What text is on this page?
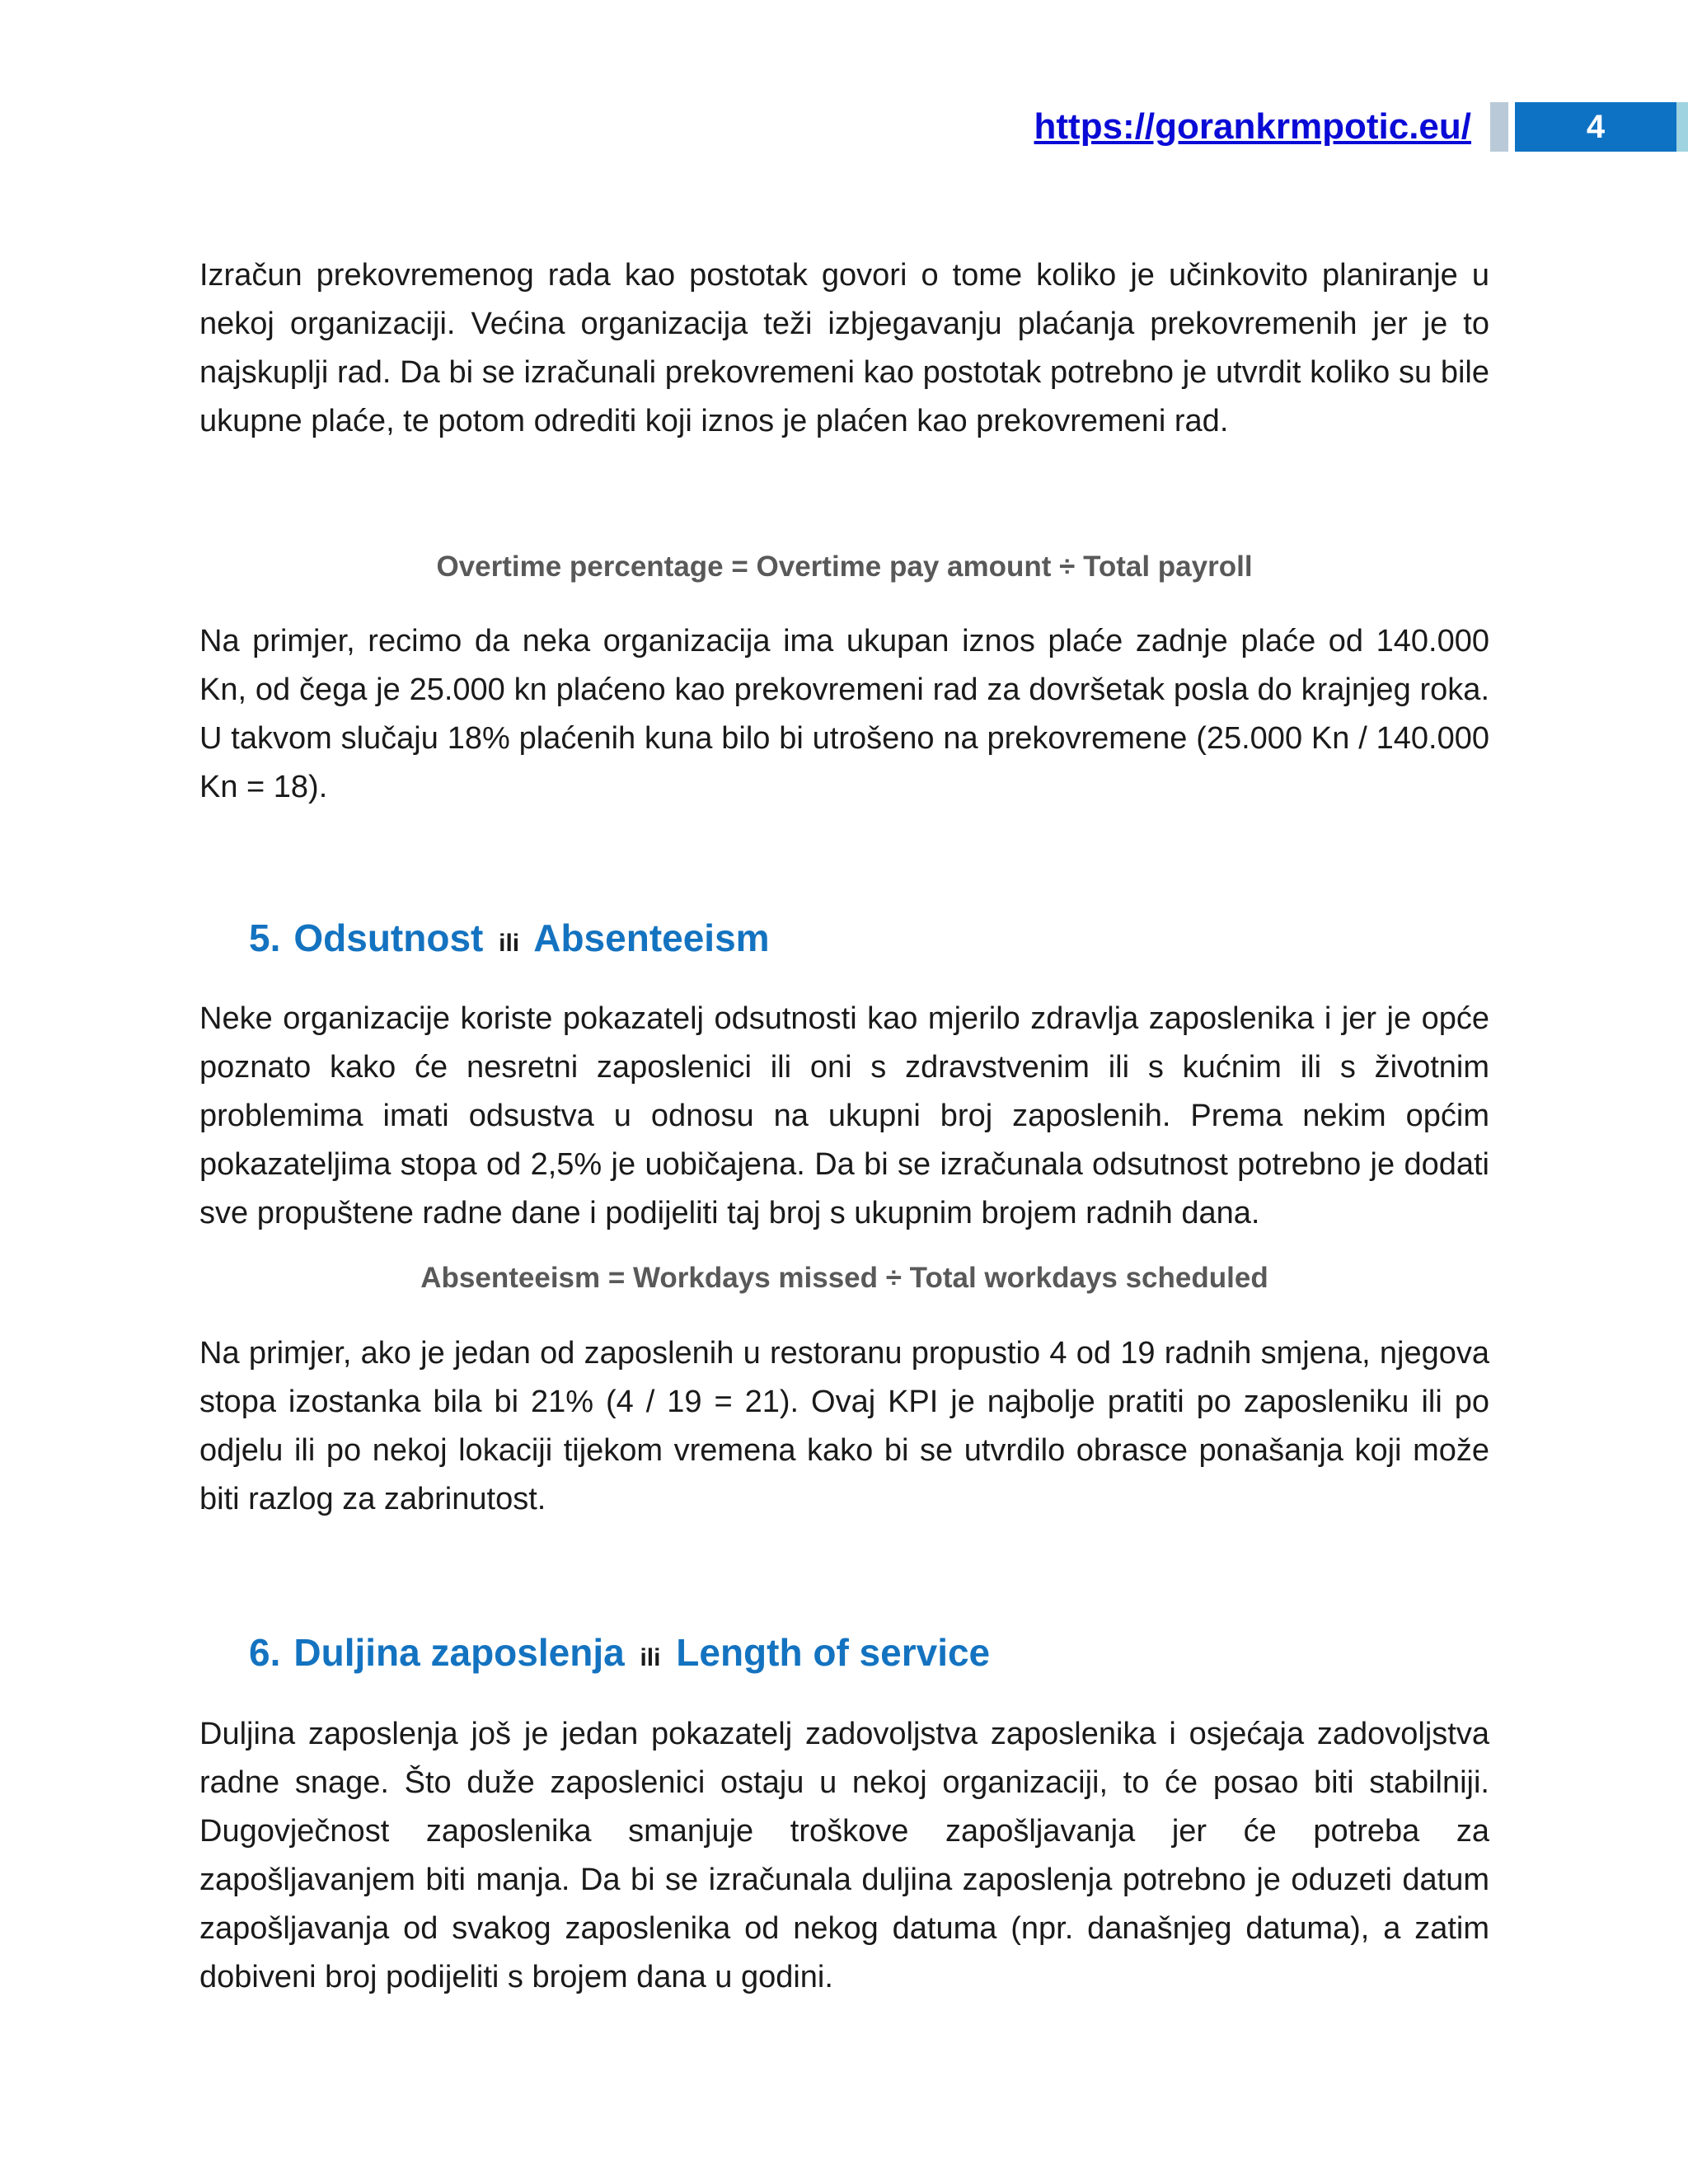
https://gorankrmpotic.eu/	4

Izračun prekovremenog rada kao postotak govori o tome koliko je učinkovito planiranje u nekoj organizaciji. Većina organizacija teži izbjegavanju plaćanja prekovremenih jer je to najskuplji rad. Da bi se izračunali prekovremeni kao postotak potrebno je utvrdit koliko su bile ukupne plaće, te potom odrediti koji iznos je plaćen kao prekovremeni rad.

Overtime percentage = Overtime pay amount ÷ Total payroll

Na primjer, recimo da neka organizacija ima ukupan iznos plaće zadnje plaće od 140.000 Kn, od čega je 25.000 kn plaćeno kao prekovremeni rad za dovršetak posla do krajnjeg roka. U takvom slučaju 18% plaćenih kuna bilo bi utrošeno na prekovremene (25.000 Kn / 140.000 Kn = 18).

5. Odsutnost ili Absenteeism

Neke organizacije koriste pokazatelj odsutnosti kao mjerilo zdravlja zaposlenika i jer je opće poznato kako će nesretni zaposlenici ili oni s zdravstvenim ili s kućnim ili s životnim problemima imati odsustva u odnosu na ukupni broj zaposlenih. Prema nekim općim pokazateljima stopa od 2,5% je uobičajena. Da bi se izračunala odsutnost potrebno je dodati sve propuštene radne dane i podijeliti taj broj s ukupnim brojem radnih dana.

Absenteeism = Workdays missed ÷ Total workdays scheduled

Na primjer, ako je jedan od zaposlenih u restoranu propustio 4 od 19 radnih smjena, njegova stopa izostanka bila bi 21% (4 / 19 = 21). Ovaj KPI je najbolje pratiti po zaposleniku ili po odjelu ili po nekoj lokaciji tijekom vremena kako bi se utvrdilo obrasce ponašanja koji može biti razlog za zabrinutost.

6. Duljina zaposlenja ili Length of service

Duljina zaposlenja još je jedan pokazatelj zadovoljstva zaposlenika i osjećaja zadovoljstva radne snage. Što duže zaposlenici ostaju u nekoj organizaciji, to će posao biti stabilniji. Dugovječnost zaposlenika smanjuje troškove zapošljavanja jer će potreba za zapošljavanjem biti manja. Da bi se izračunala duljina zaposlenja potrebno je oduzeti datum zapošljavanja od svakog zaposlenika od nekog datuma (npr. današnjeg datuma), a zatim dobiveni broj podijeliti s brojem dana u godini.
